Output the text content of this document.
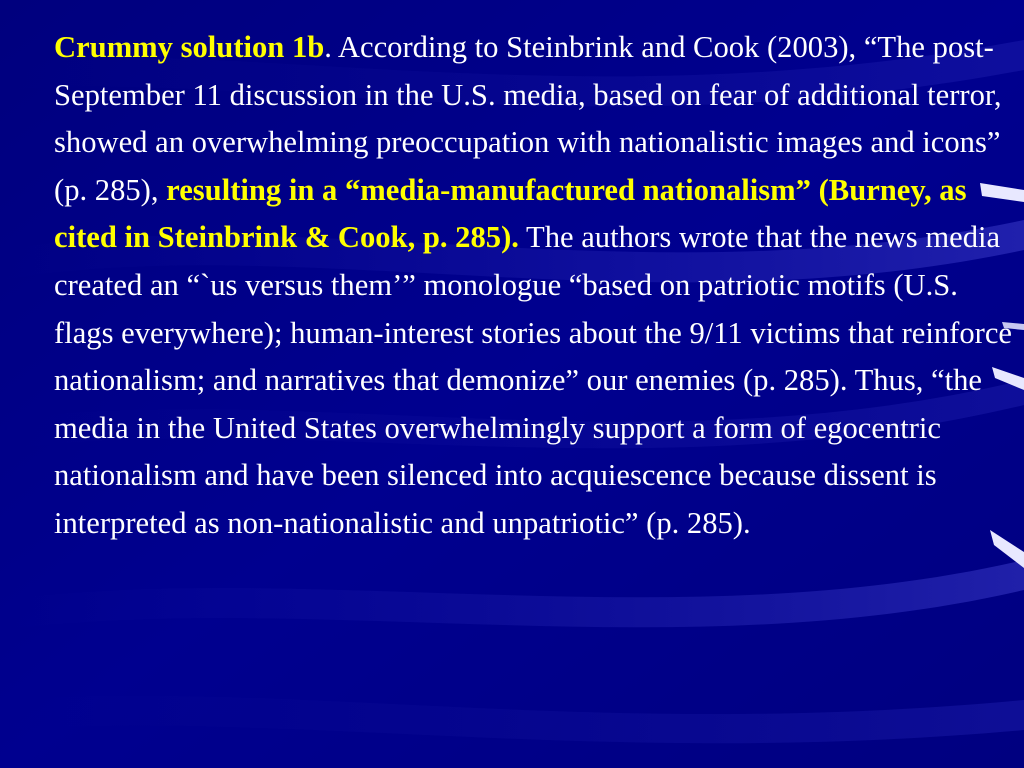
Crummy solution 1b. According to Steinbrink and Cook (2003), “The post-September 11 discussion in the U.S. media, based on fear of additional terror, showed an overwhelming preoccupation with nationalistic images and icons” (p. 285), resulting in a “media-manufactured nationalism” (Burney, as cited in Steinbrink & Cook, p. 285). The authors wrote that the news media created an “`us versus them’” monologue “based on patriotic motifs (U.S. flags everywhere); human-interest stories about the 9/11 victims that reinforce nationalism; and narratives that demonize” our enemies (p. 285). Thus, “the media in the United States overwhelmingly support a form of egocentric nationalism and have been silenced into acquiescence because dissent is interpreted as non-nationalistic and unpatriotic” (p. 285).
